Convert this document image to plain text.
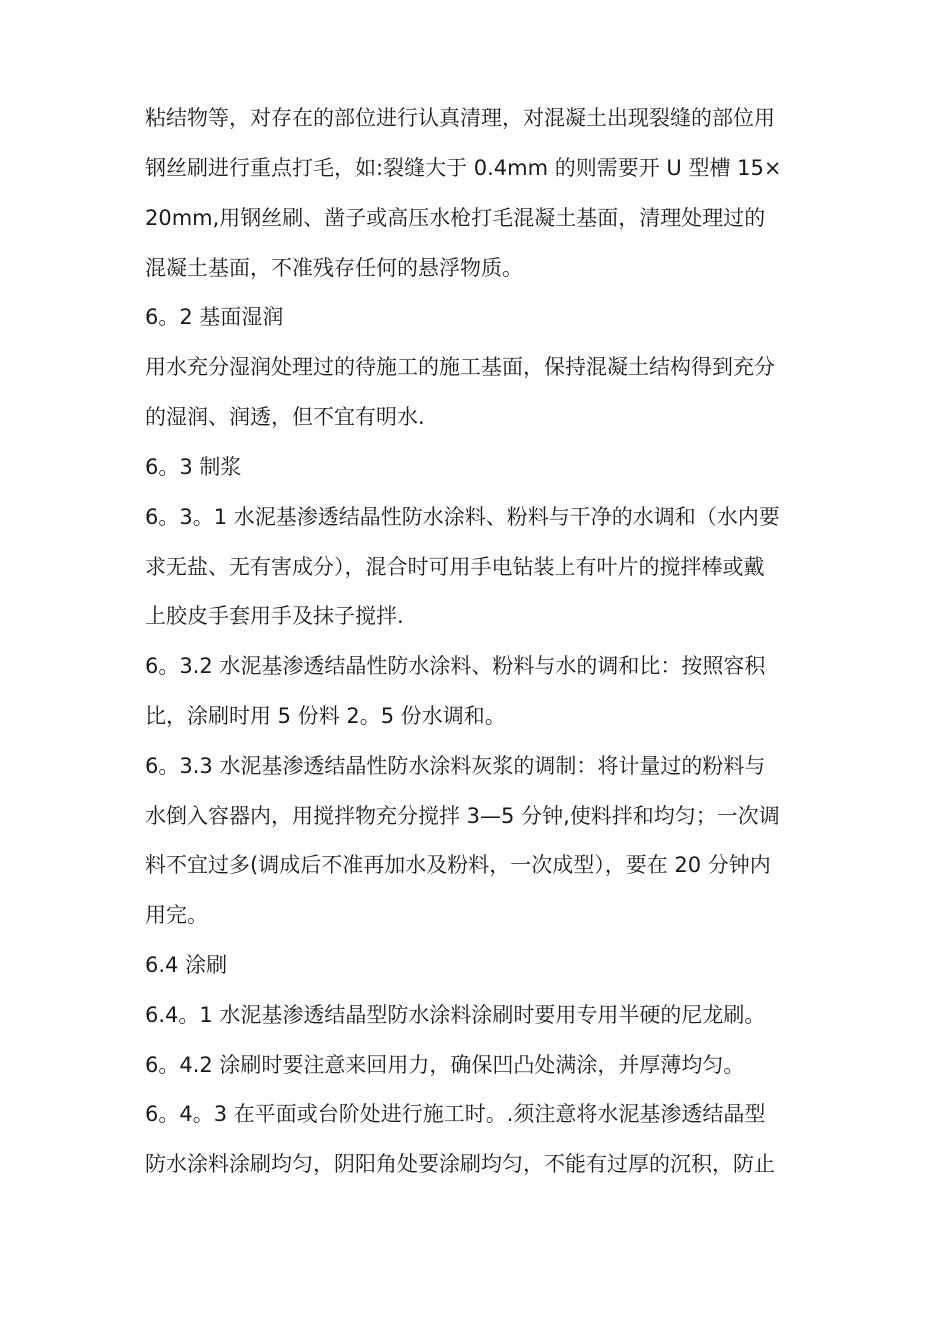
粘结物等，对存在的部位进行认真清理，对混凝土出现裂缝的部位用
钢丝刷进行重点打毛，如:裂缝大于 0.4mm 的则需要开 U 型槽 15×
20mm,用钢丝刷、凿子或高压水枪打毛混凝土基面，清理处理过的
混凝土基面，不准残存任何的悬浮物质。
6。2 基面湿润
用水充分湿润处理过的待施工的施工基面，保持混凝土结构得到充分
的湿润、润透，但不宜有明水.
6。3 制浆
6。3。1 水泥基渗透结晶性防水涂料、粉料与干净的水调和（水内要
求无盐、无有害成分），混合时可用手电钻装上有叶片的搅拌棒或戴
上胶皮手套用手及抹子搅拌.
6。3.2 水泥基渗透结晶性防水涂料、粉料与水的调和比：按照容积
比，涂刷时用 5 份料 2。5 份水调和。
6。3.3 水泥基渗透结晶性防水涂料灰浆的调制：将计量过的粉料与
水倒入容器内，用搅拌物充分搅拌 3—5 分钟,使料拌和均匀；一次调
料不宜过多(调成后不准再加水及粉料，一次成型），要在 20 分钟内
用完。
6.4 涂刷
6.4。1 水泥基渗透结晶型防水涂料涂刷时要用专用半硬的尼龙刷。
6。4.2 涂刷时要注意来回用力，确保凹凸处满涂，并厚薄均匀。
6。4。3 在平面或台阶处进行施工时。.须注意将水泥基渗透结晶型
防水涂料涂刷均匀，阴阳角处要涂刷均匀，不能有过厚的沉积，防止
